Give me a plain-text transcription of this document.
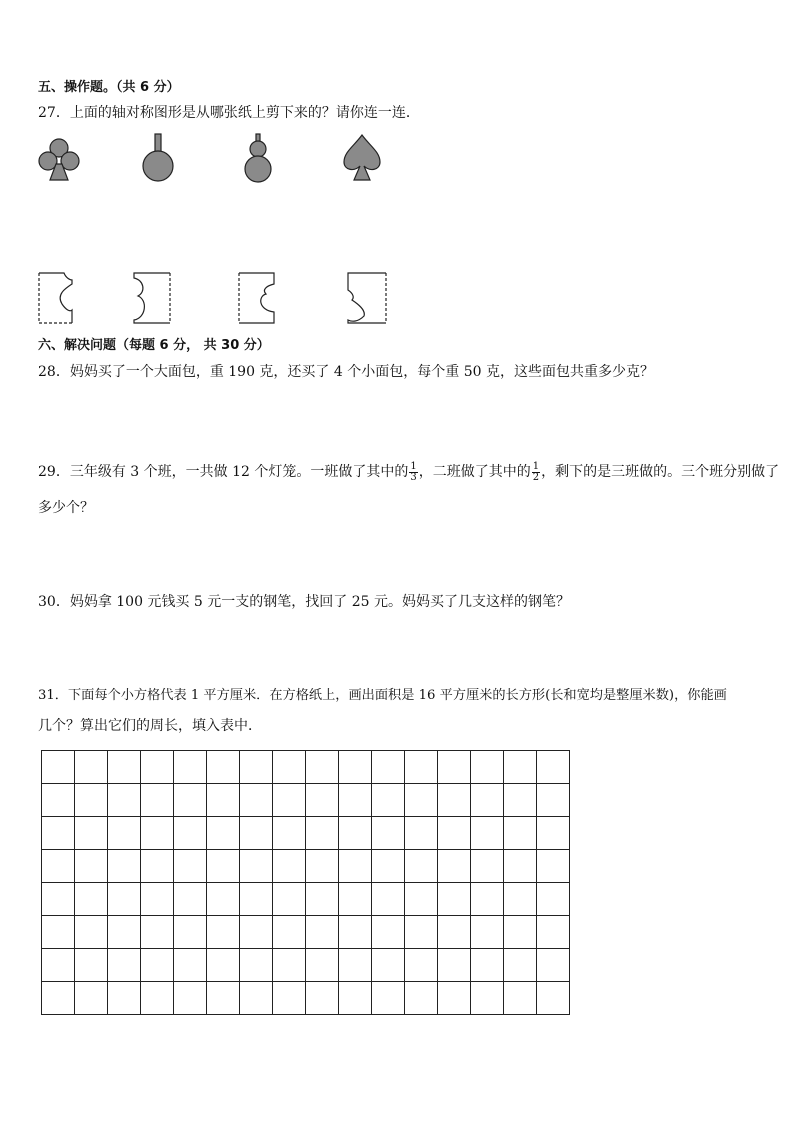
五、操作题。（共 6 分）
27．上面的轴对称图形是从哪张纸上剪下来的？请你连一连．
六、解决问题（每题 6 分， 共 30 分）
28．妈妈买了一个大面包，重 190 克，还买了 4 个小面包，每个重 50 克，这些面包共重多少克？
29．三年级有 3 个班，一共做 12 个灯笼。一班做了其中的 $\frac{1}{3}$ ，二班做了其中的 $\frac{1}{2}$ ，剩下的是三班做的。三个班分别做了
多少个？
30．妈妈拿 100 元钱买 5 元一支的钢笔，找回了 25 元。妈妈买了几支这样的钢笔？
31．下面每个小方格代表 1 平方厘米．在方格纸上，画出面积是 16 平方厘米的长方形(长和宽均是整厘米数)，你能画
几个？算出它们的周长，填入表中．
